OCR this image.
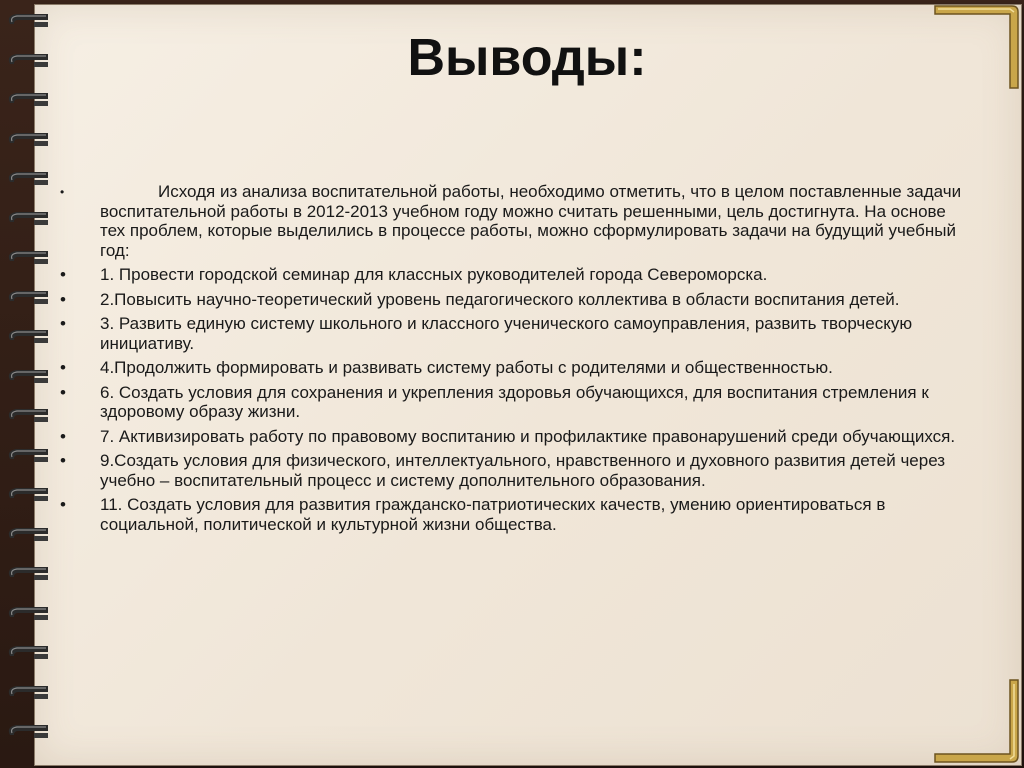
Выводы:
•	Исходя из анализа воспитательной работы, необходимо отметить, что в целом поставленные задачи воспитательной работы в 2012-2013 учебном году можно считать решенными, цель достигнута. На основе тех проблем, которые выделились в процессе работы, можно сформулировать задачи на будущий учебный год:
• 1. Провести городской семинар для классных руководителей города Североморска.
• 2.Повысить научно-теоретический уровень педагогического коллектива в области воспитания детей.
• 3. Развить единую систему школьного и классного ученического самоуправления, развить творческую инициативу.
• 4.Продолжить формировать и развивать систему работы с родителями и общественностью.
• 6. Создать условия для сохранения и укрепления здоровья обучающихся, для воспитания стремления к здоровому образу жизни.
• 7. Активизировать работу по правовому воспитанию и профилактике правонарушений среди обучающихся.
• 9.Создать условия для физического, интеллектуального, нравственного и духовного развития детей через учебно – воспитательный процесс и систему дополнительного образования.
• 11. Создать условия для развития гражданско-патриотических качеств, умению ориентироваться в социальной, политической и культурной жизни общества.
